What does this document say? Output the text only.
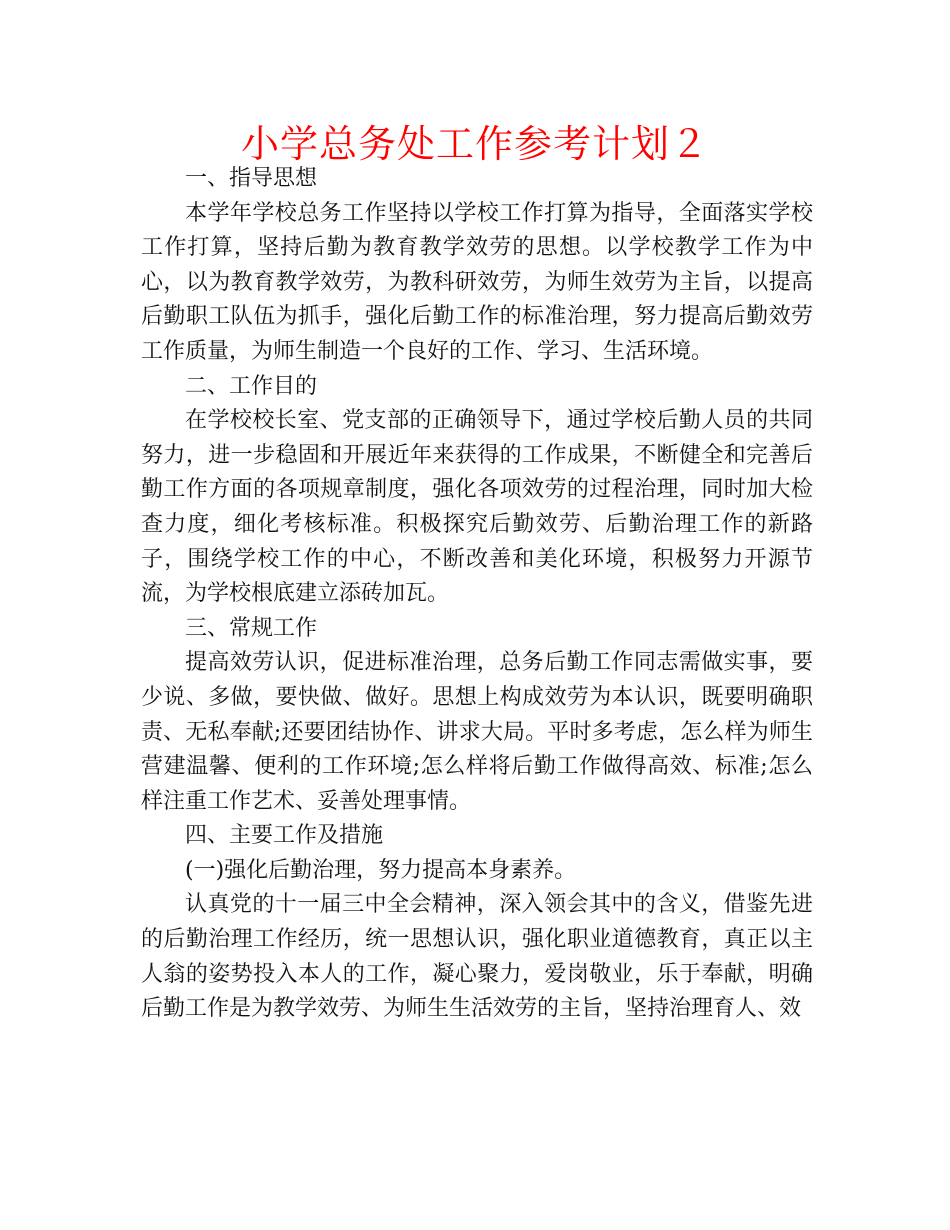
小学总务处工作参考计划２

一、指导思想

本学年学校总务工作坚持以学校工作打算为指导，全面落实学校工作打算，坚持后勤为教育教学效劳的思想。以学校教学工作为中心，以为教育教学效劳，为教科研效劳，为师生效劳为主旨，以提高后勤职工队伍为抓手，强化后勤工作的标准治理，努力提高后勤效劳工作质量，为师生制造一个良好的工作、学习、生活环境。

二、工作目的

在学校校长室、党支部的正确领导下，通过学校后勤人员的共同努力，进一步稳固和开展近年来获得的工作成果，不断健全和完善后勤工作方面的各项规章制度，强化各项效劳的过程治理，同时加大检查力度，细化考核标准。积极探究后勤效劳、后勤治理工作的新路子，围绕学校工作的中心，不断改善和美化环境，积极努力开源节流，为学校根底建立添砖加瓦。

三、常规工作

提高效劳认识，促进标准治理，总务后勤工作同志需做实事，要少说、多做，要快做、做好。思想上构成效劳为本认识，既要明确职责、无私奉献;还要团结协作、讲求大局。平时多考虑，怎么样为师生营建温馨、便利的工作环境;怎么样将后勤工作做得高效、标准;怎么样注重工作艺术、妥善处理事情。

四、主要工作及措施

(一)强化后勤治理，努力提高本身素养。

认真党的十一届三中全会精神，深入领会其中的含义，借鉴先进的后勤治理工作经历，统一思想认识，强化职业道德教育，真正以主人翁的姿势投入本人的工作，凝心聚力，爱岗敬业，乐于奉献，明确后勤工作是为教学效劳、为师生生活效劳的主旨，坚持治理育人、效
